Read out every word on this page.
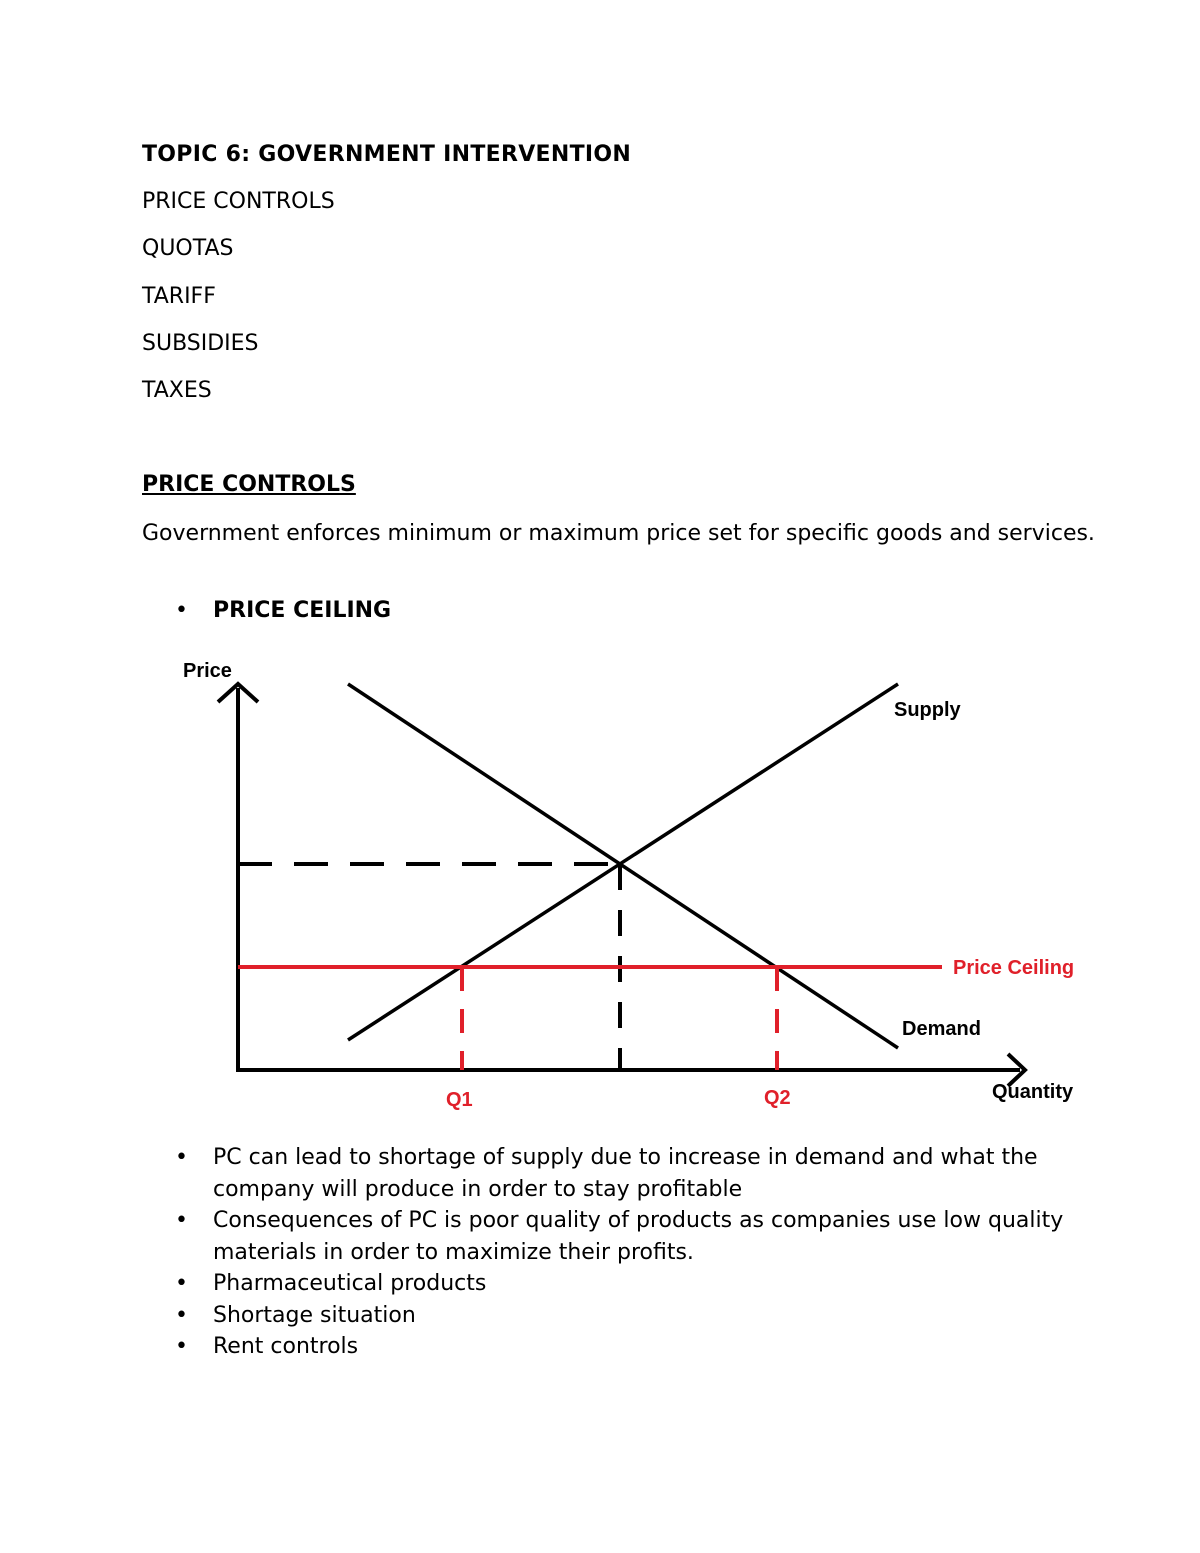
TOPIC 6: GOVERNMENT INTERVENTION
PRICE CONTROLS
QUOTAS
TARIFF
SUBSIDIES
TAXES
PRICE CONTROLS

Government enforces minimum or maximum price set for specific goods and services.

• PRICE CEILING
Price
Quantity
Supply
Demand
Price Ceiling
Q1	Q2
• PC can lead to shortage of supply due to increase in demand and what the company will produce in order to stay profitable
• Consequences of PC is poor quality of products as companies use low quality materials in order to maximize their profits.
• Pharmaceutical products
• Shortage situation
• Rent controls
